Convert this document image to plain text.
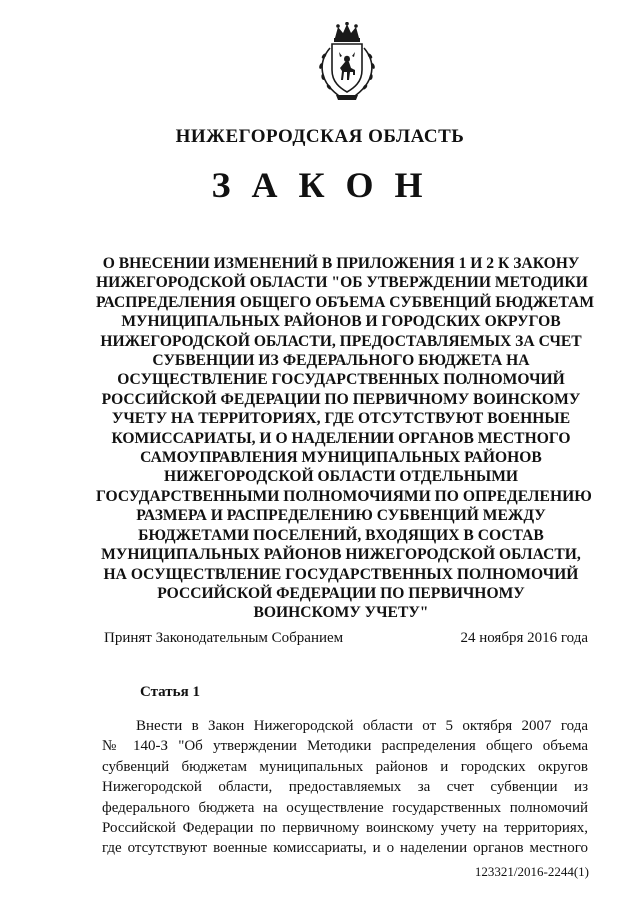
НИЖЕГОРОДСКАЯ ОБЛАСТЬ
З А К О Н
О ВНЕСЕНИИ ИЗМЕНЕНИЙ В ПРИЛОЖЕНИЯ 1 И 2 К ЗАКОНУ
НИЖЕГОРОДСКОЙ ОБЛАСТИ "ОБ УТВЕРЖДЕНИИ МЕТОДИКИ
РАСПРЕДЕЛЕНИЯ ОБЩЕГО ОБЪЕМА СУБВЕНЦИЙ БЮДЖЕТАМ
МУНИЦИПАЛЬНЫХ РАЙОНОВ И ГОРОДСКИХ ОКРУГОВ
НИЖЕГОРОДСКОЙ ОБЛАСТИ, ПРЕДОСТАВЛЯЕМЫХ ЗА СЧЕТ
СУБВЕНЦИИ ИЗ ФЕДЕРАЛЬНОГО БЮДЖЕТА НА
ОСУЩЕСТВЛЕНИЕ ГОСУДАРСТВЕННЫХ ПОЛНОМОЧИЙ
РОССИЙСКОЙ ФЕДЕРАЦИИ ПО ПЕРВИЧНОМУ ВОИНСКОМУ
УЧЕТУ НА ТЕРРИТОРИЯХ, ГДЕ ОТСУТСТВУЮТ ВОЕННЫЕ
КОМИССАРИАТЫ, И О НАДЕЛЕНИИ ОРГАНОВ МЕСТНОГО
САМОУПРАВЛЕНИЯ МУНИЦИПАЛЬНЫХ РАЙОНОВ
НИЖЕГОРОДСКОЙ ОБЛАСТИ ОТДЕЛЬНЫМИ
ГОСУДАРСТВЕННЫМИ ПОЛНОМОЧИЯМИ ПО ОПРЕДЕЛЕНИЮ
РАЗМЕРА И РАСПРЕДЕЛЕНИЮ СУБВЕНЦИЙ МЕЖДУ
БЮДЖЕТАМИ ПОСЕЛЕНИЙ, ВХОДЯЩИХ В СОСТАВ
МУНИЦИПАЛЬНЫХ РАЙОНОВ НИЖЕГОРОДСКОЙ ОБЛАСТИ,
НА ОСУЩЕСТВЛЕНИЕ ГОСУДАРСТВЕННЫХ ПОЛНОМОЧИЙ
РОССИЙСКОЙ ФЕДЕРАЦИИ ПО ПЕРВИЧНОМУ
ВОИНСКОМУ УЧЕТУ"
Принят Законодательным Собранием	24 ноября 2016 года
Статья 1
Внести в Закон Нижегородской области от 5 октября 2007 года
№ 140-З "Об утверждении Методики распределения общего объема
субвенций бюджетам муниципальных районов и городских округов
Нижегородской области, предоставляемых за счет субвенции из
федерального бюджета на осуществление государственных полномочий
Российской Федерации по первичному воинскому учету на территориях,
где отсутствуют военные комиссариаты, и о наделении органов местного
123321/2016-2244(1)
